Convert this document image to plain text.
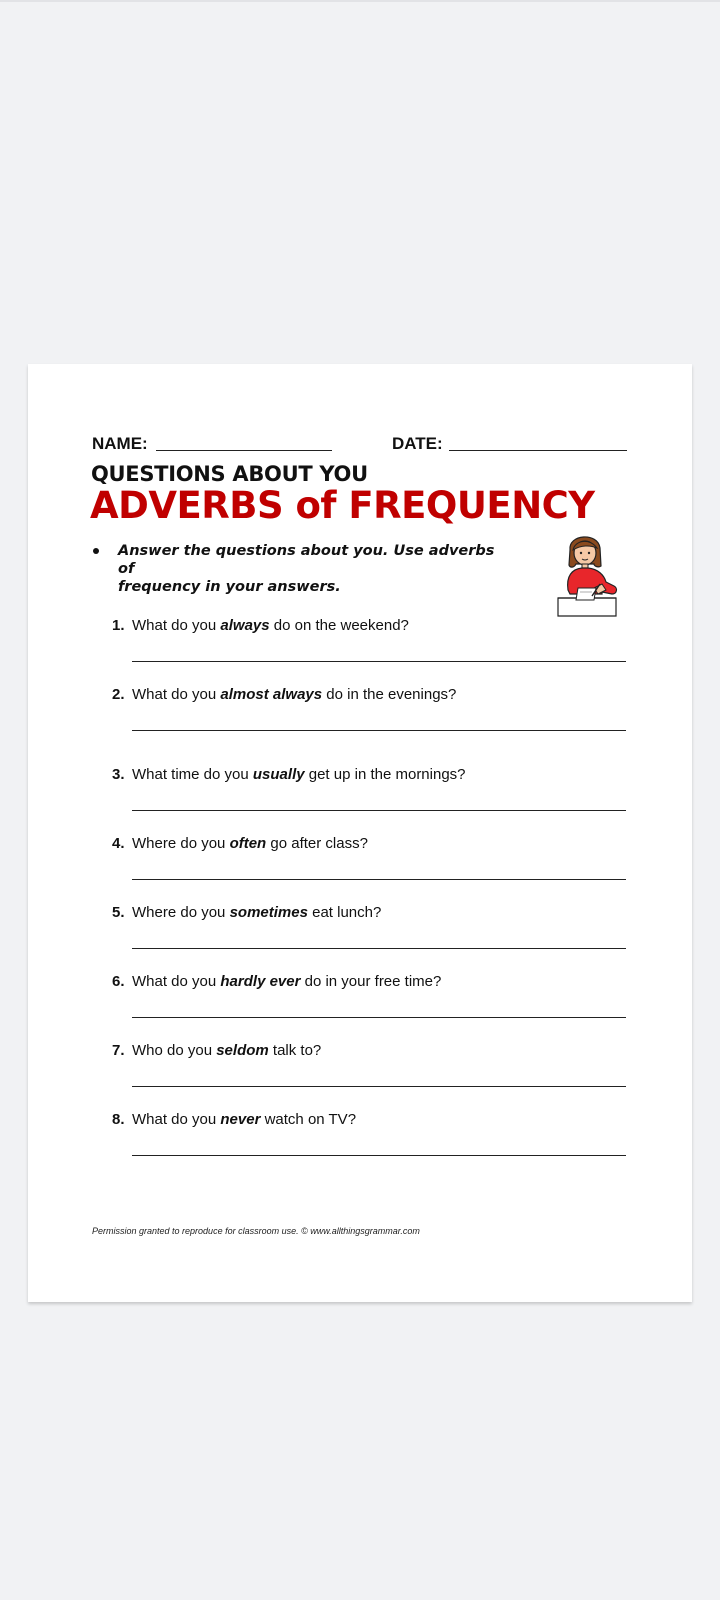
NAME:	DATE:
QUESTIONS ABOUT YOU
ADVERBS of FREQUENCY
Answer the questions about you. Use adverbs of
frequency in your answers.
1. What do you always do on the weekend?
2. What do you almost always do in the evenings?
3. What time do you usually get up in the mornings?
4. Where do you often go after class?
5. Where do you sometimes eat lunch?
6. What do you hardly ever do in your free time?
7. Who do you seldom talk to?
8. What do you never watch on TV?
Permission granted to reproduce for classroom use. © www.allthingsgrammar.com
